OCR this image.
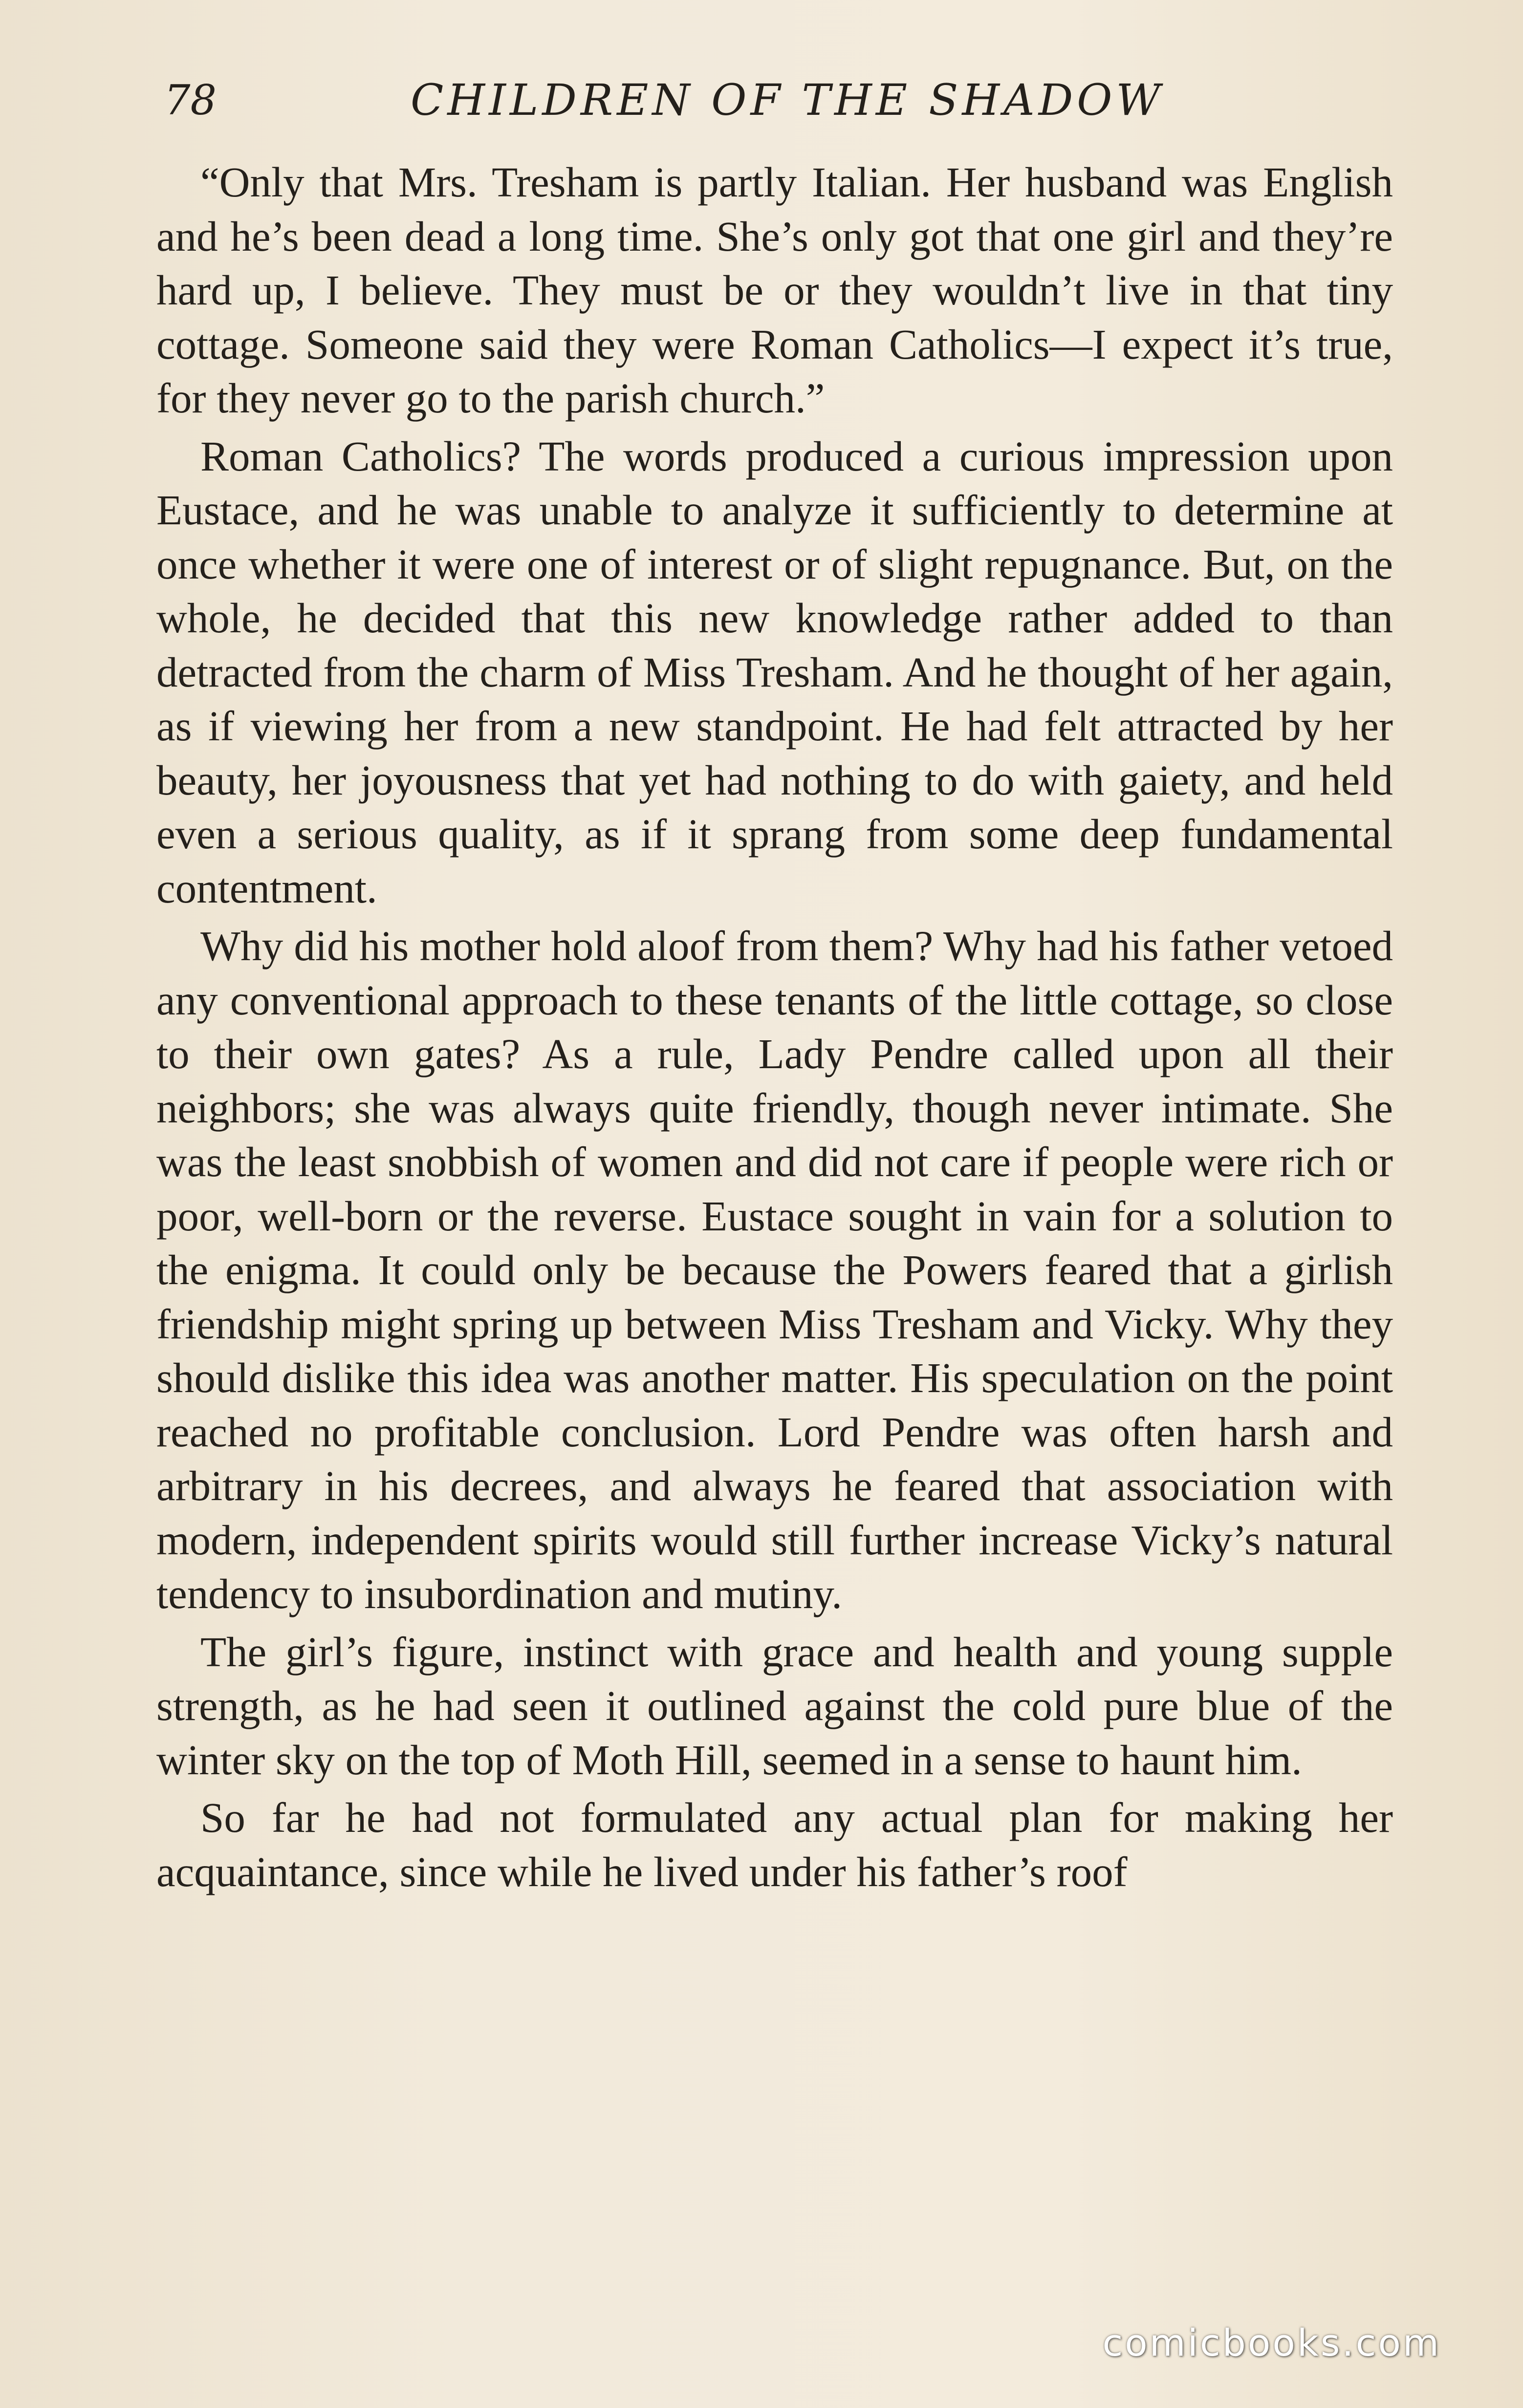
78	CHILDREN OF THE SHADOW

“Only that Mrs. Tresham is partly Italian. Her husband was English and he’s been dead a long time. She’s only got that one girl and they’re hard up, I believe. They must be or they wouldn’t live in that tiny cottage. Someone said they were Roman Catholics—I expect it’s true, for they never go to the parish church.”

Roman Catholics? The words produced a curious impression upon Eustace, and he was unable to analyze it sufficiently to determine at once whether it were one of interest or of slight repugnance. But, on the whole, he decided that this new knowledge rather added to than detracted from the charm of Miss Tresham. And he thought of her again, as if viewing her from a new standpoint. He had felt attracted by her beauty, her joyousness that yet had nothing to do with gaiety, and held even a serious quality, as if it sprang from some deep fundamental contentment.

Why did his mother hold aloof from them? Why had his father vetoed any conventional approach to these tenants of the little cottage, so close to their own gates? As a rule, Lady Pendre called upon all their neighbors; she was always quite friendly, though never intimate. She was the least snobbish of women and did not care if people were rich or poor, well-born or the reverse. Eustace sought in vain for a solution to the enigma. It could only be because the Powers feared that a girlish friendship might spring up between Miss Tresham and Vicky. Why they should dislike this idea was another matter. His speculation on the point reached no profitable conclusion. Lord Pendre was often harsh and arbitrary in his decrees, and always he feared that association with modern, independent spirits would still further increase Vicky’s natural tendency to insubordination and mutiny.

The girl’s figure, instinct with grace and health and young supple strength, as he had seen it outlined against the cold pure blue of the winter sky on the top of Moth Hill, seemed in a sense to haunt him.

So far he had not formulated any actual plan for making her acquaintance, since while he lived under his father’s roof

comicbooks.com
